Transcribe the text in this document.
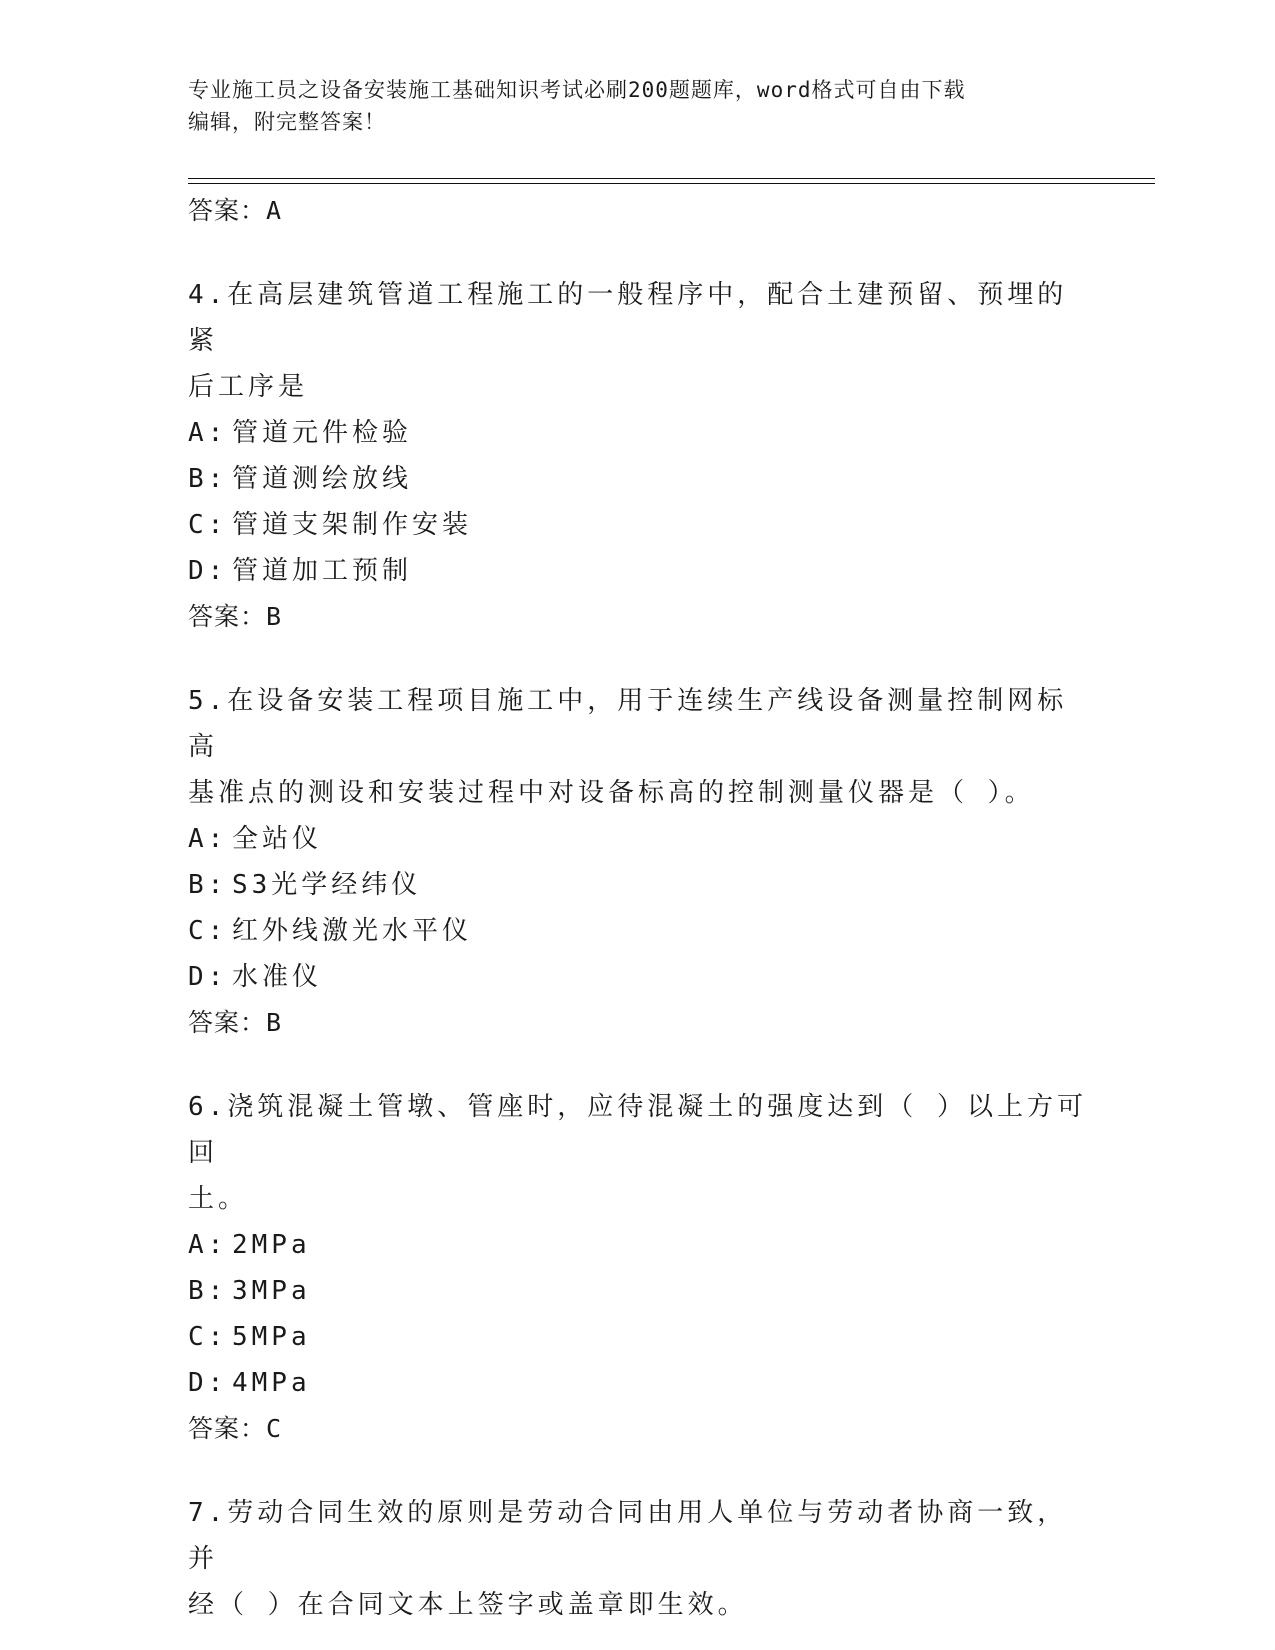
专业施工员之设备安装施工基础知识考试必刷200题题库，word格式可自由下载
编辑，附完整答案！
答案：A
4.在高层建筑管道工程施工的一般程序中，配合土建预留、预埋的紧
后工序是
A: 管道元件检验
B: 管道测绘放线
C: 管道支架制作安装
D: 管道加工预制
答案：B
5.在设备安装工程项目施工中，用于连续生产线设备测量控制网标高
基准点的测设和安装过程中对设备标高的控制测量仪器是（ ）。
A: 全站仪
B: S3光学经纬仪
C: 红外线激光水平仪
D: 水准仪
答案：B
6.浇筑混凝土管墩、管座时，应待混凝土的强度达到（ ）以上方可回
土。
A: 2MPa
B: 3MPa
C: 5MPa
D: 4MPa
答案：C
7.劳动合同生效的原则是劳动合同由用人单位与劳动者协商一致，并
经（ ）在合同文本上签字或盖章即生效。
